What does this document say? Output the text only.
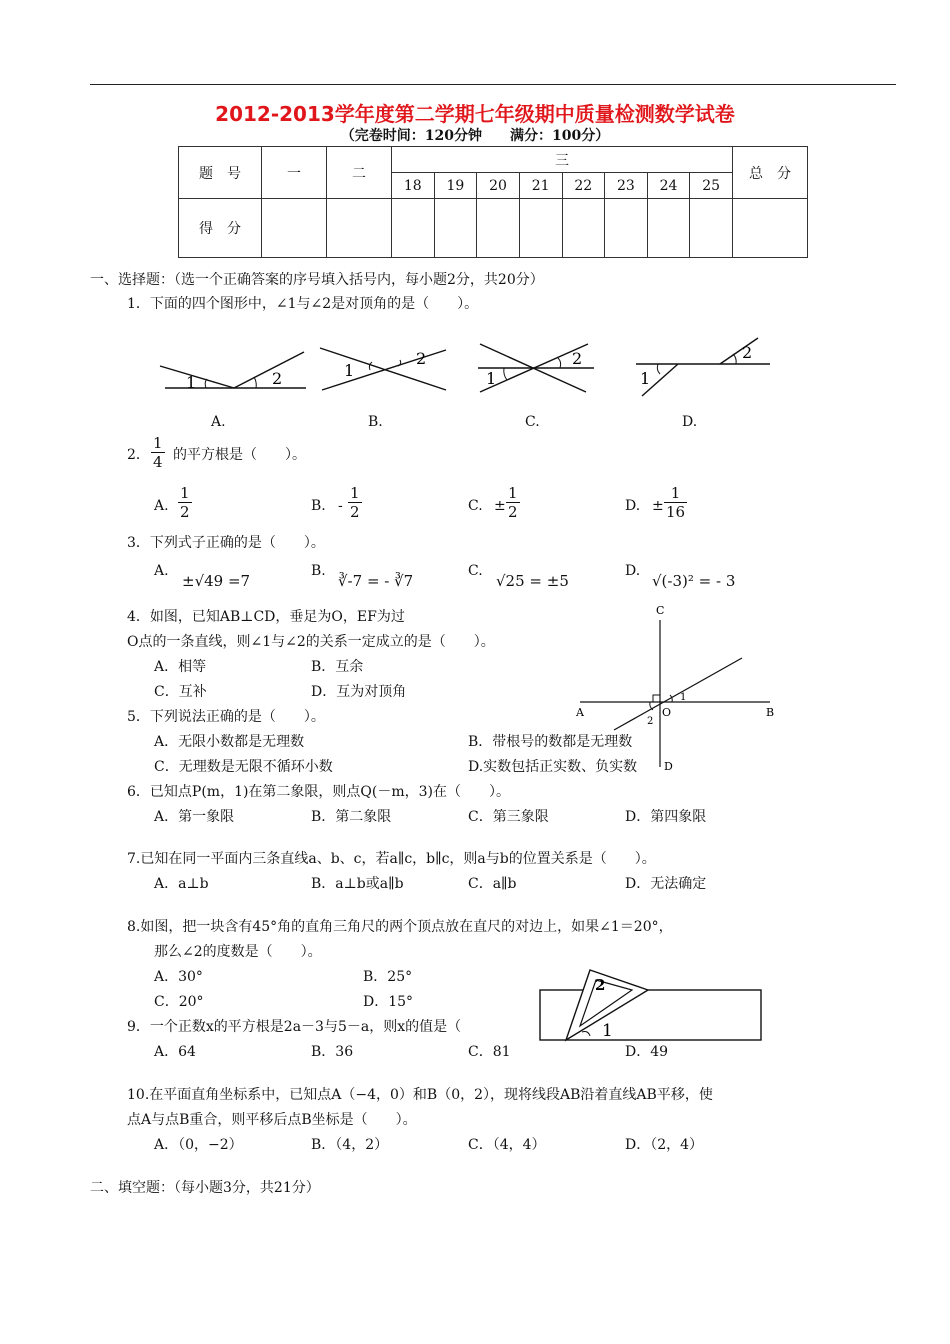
2012-2013学年度第二学期七年级期中质量检测数学试卷
（完卷时间：120分钟　　满分：100分）
题　号	一	二	三								总　分
			18	19	20	21	22	23	24	25	
得　分											
一、选择题：（选一个正确答案的序号填入括号内，每小题2分，共20分）
1．下面的四个图形中，∠1与∠2是对顶角的是（　　）。
1	2	1
2
1
2
1
2
A.	B.	C.	D.
2． $\frac{1}{4}$ 的平方根是（　　）。
A. $\frac{1}{2}$	B. - $\frac{1}{2}$	C. ± $\frac{1}{2}$	D. ± $\frac{1}{16}$
3．下列式子正确的是（　　）。
A.
±√49 =7
B.
∛-7 = - ∛7
C.
√25 = ±5
D.
√(-3)² = - 3
4．如图，已知AB⊥CD，垂足为O，EF为过
O点的一条直线，则∠1与∠2的关系一定成立的是（　　）。
A．相等	B．互余
C．互补	D．互为对顶角
C
A	B
O
D
1
2
5．下列说法正确的是（　　）。
A．无限小数都是无理数	B．带根号的数都是无理数
C．无理数是无限不循环小数	D.实数包括正实数、负实数
6．已知点P(m，1)在第二象限，则点Q(－m，3)在（　　）。
A．第一象限	B．第二象限	C．第三象限	D．第四象限
7.已知在同一平面内三条直线a、b、c，若a∥c，b∥c，则a与b的位置关系是（　　）。
A．a⊥b	B．a⊥b或a∥b	C．a∥b	D．无法确定
8.如图，把一块含有45°角的直角三角尺的两个顶点放在直尺的对边上，如果∠1＝20°，
那么∠2的度数是（　　）。
A．30°	B．25°
C．20°	D．15°
9．一个正数x的平方根是2a－3与5－a，则x的值是（
A．64	B．36	C．81	D．49
2
1
10.在平面直角坐标系中，已知点A（−4，0）和B（0，2），现将线段AB沿着直线AB平移，使
点A与点B重合，则平移后点B坐标是（　　）。
A．（0，−2）	B．（4，2）	C．（4，4）	D．（2，4）
二、填空题：（每小题3分，共21分）
